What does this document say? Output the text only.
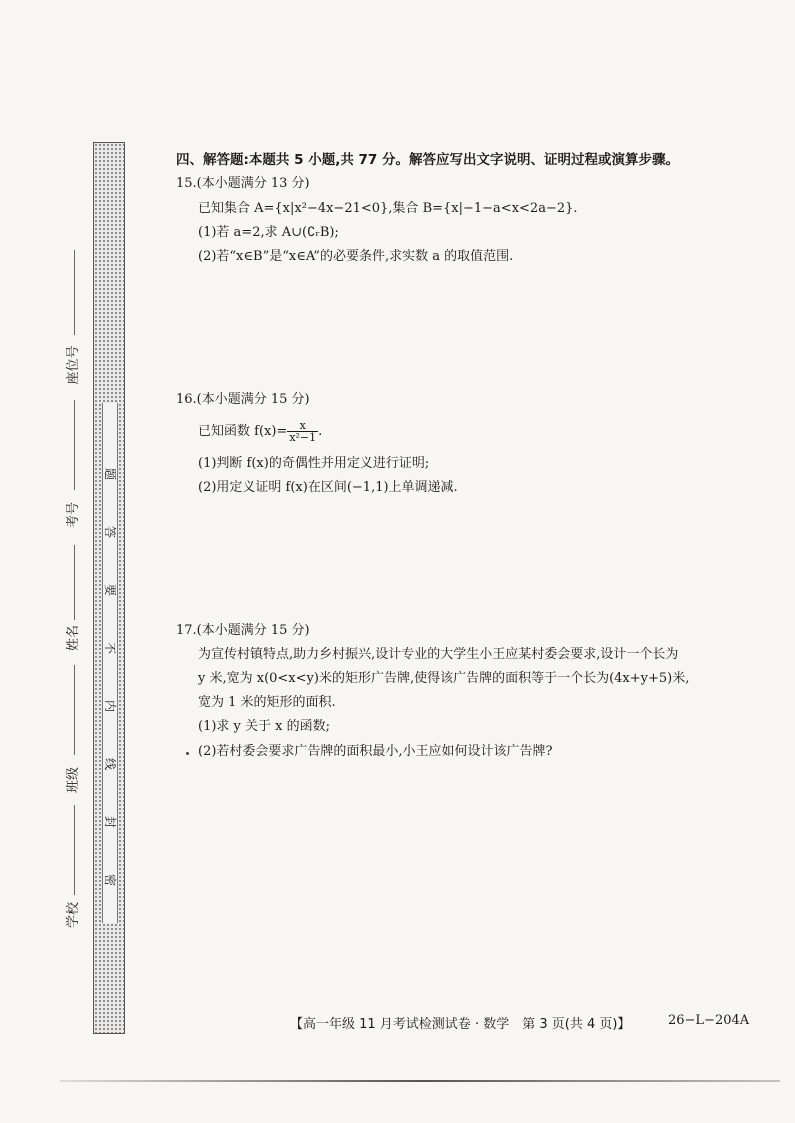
密
封
线
内
不
要
答
题
座位号
考号
姓名
班级
学校
四、解答题:本题共 5 小题,共 77 分。解答应写出文字说明、证明过程或演算步骤。
15.(本小题满分 13 分)
已知集合 A={x|x²−4x−21<0},集合 B={x|−1−a<x<2a−2}.
(1)若 a=2,求 A∪(∁ᵣB);
(2)若“x∈B”是“x∈A”的必要条件,求实数 a 的取值范围.
16.(本小题满分 15 分)
已知函数 $f(x)= \frac{x}{\text{x²−1}}$ .
(1)判断 f(x)的奇偶性并用定义进行证明;
(2)用定义证明 f(x)在区间(−1,1)上单调递减.
17.(本小题满分 15 分)
为宣传村镇特点,助力乡村振兴,设计专业的大学生小王应某村委会要求,设计一个长为
y 米,宽为 x(0<x<y)米的矩形广告牌,使得该广告牌的面积等于一个长为(4x+y+5)米,
宽为 1 米的矩形的面积.
(1)求 y 关于 x 的函数;
(2)若村委会要求广告牌的面积最小,小王应如何设计该广告牌?
【高一年级 11 月考试检测试卷 · 数学　第 3 页(共 4 页)】	26−L−204A
